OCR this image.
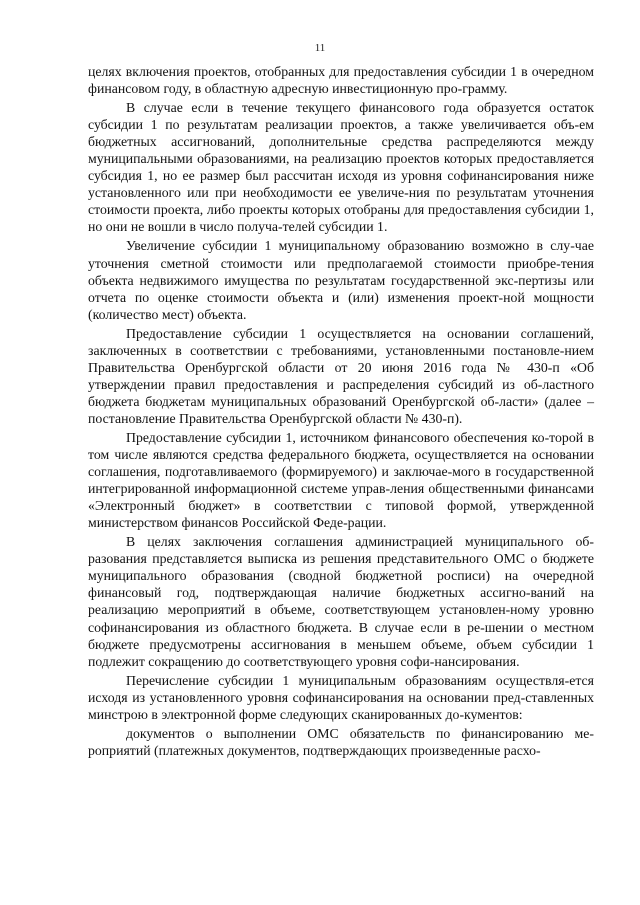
11

целях включения проектов, отобранных для предоставления субсидии 1 в очередном финансовом году, в областную адресную инвестиционную про-грамму.

В случае если в течение текущего финансового года образуется остаток субсидии 1 по результатам реализации проектов, а также увеличивается объ-ем бюджетных ассигнований, дополнительные средства распределяются между муниципальными образованиями, на реализацию проектов которых предоставляется субсидия 1, но ее размер был рассчитан исходя из уровня софинансирования ниже установленного или при необходимости ее увеличе-ния по результатам уточнения стоимости проекта, либо проекты которых отобраны для предоставления субсидии 1, но они не вошли в число получа-телей субсидии 1.

Увеличение субсидии 1 муниципальному образованию возможно в слу-чае уточнения сметной стоимости или предполагаемой стоимости приобре-тения объекта недвижимого имущества по результатам государственной экс-пертизы или отчета по оценке стоимости объекта и (или) изменения проект-ной мощности (количество мест) объекта.

Предоставление субсидии 1 осуществляется на основании соглашений, заключенных в соответствии с требованиями, установленными постановле-нием Правительства Оренбургской области от 20 июня 2016 года № 430-п «Об утверждении правил предоставления и распределения субсидий из об-ластного бюджета бюджетам муниципальных образований Оренбургской об-ласти» (далее – постановление Правительства Оренбургской области № 430-п).

Предоставление субсидии 1, источником финансового обеспечения ко-торой в том числе являются средства федерального бюджета, осуществляется на основании соглашения, подготавливаемого (формируемого) и заключае-мого в государственной интегрированной информационной системе управ-ления общественными финансами «Электронный бюджет» в соответствии с типовой формой, утвержденной министерством финансов Российской Феде-рации.

В целях заключения соглашения администрацией муниципального об-разования представляется выписка из решения представительного ОМС о бюджете муниципального образования (сводной бюджетной росписи) на очередной финансовый год, подтверждающая наличие бюджетных ассигно-ваний на реализацию мероприятий в объеме, соответствующем установлен-ному уровню софинансирования из областного бюджета. В случае если в ре-шении о местном бюджете предусмотрены ассигнования в меньшем объеме, объем субсидии 1 подлежит сокращению до соответствующего уровня софи-нансирования.

Перечисление субсидии 1 муниципальным образованиям осуществля-ется исходя из установленного уровня софинансирования на основании пред-ставленных минстрою в электронной форме следующих сканированных до-кументов:

документов о выполнении ОМС обязательств по финансированию ме-роприятий (платежных документов, подтверждающих произведенные расхо-
